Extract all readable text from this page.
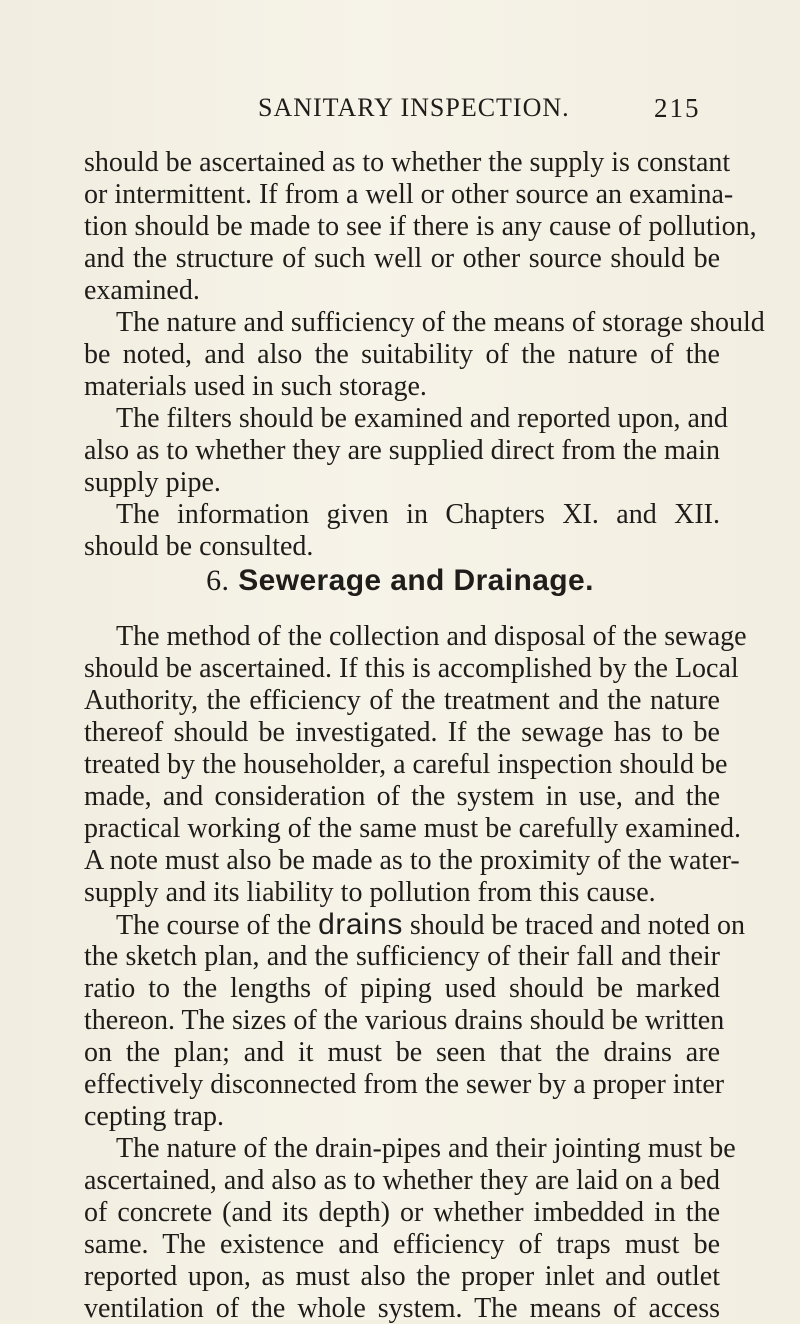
SANITARY INSPECTION.	215
should be ascertained as to whether the supply is constant
or intermittent. If from a well or other source an examina-
tion should be made to see if there is any cause of pollution,
and the structure of such well or other source should be
examined.
The nature and sufficiency of the means of storage should
be noted, and also the suitability of the nature of the
materials used in such storage.
The filters should be examined and reported upon, and
also as to whether they are supplied direct from the main
supply pipe.
The information given in Chapters XI. and XII.
should be consulted.
6. Sewerage and Drainage.
The method of the collection and disposal of the sewage
should be ascertained. If this is accomplished by the Local
Authority, the efficiency of the treatment and the nature
thereof should be investigated. If the sewage has to be
treated by the householder, a careful inspection should be
made, and consideration of the system in use, and the
practical working of the same must be carefully examined.
A note must also be made as to the proximity of the water-
supply and its liability to pollution from this cause.
The course of the drains should be traced and noted on
the sketch plan, and the sufficiency of their fall and their
ratio to the lengths of piping used should be marked
thereon. The sizes of the various drains should be written
on the plan; and it must be seen that the drains are
effectively disconnected from the sewer by a proper inter
cepting trap.
The nature of the drain-pipes and their jointing must be
ascertained, and also as to whether they are laid on a bed
of concrete (and its depth) or whether imbedded in the
same. The existence and efficiency of traps must be
reported upon, as must also the proper inlet and outlet
ventilation of the whole system. The means of access
